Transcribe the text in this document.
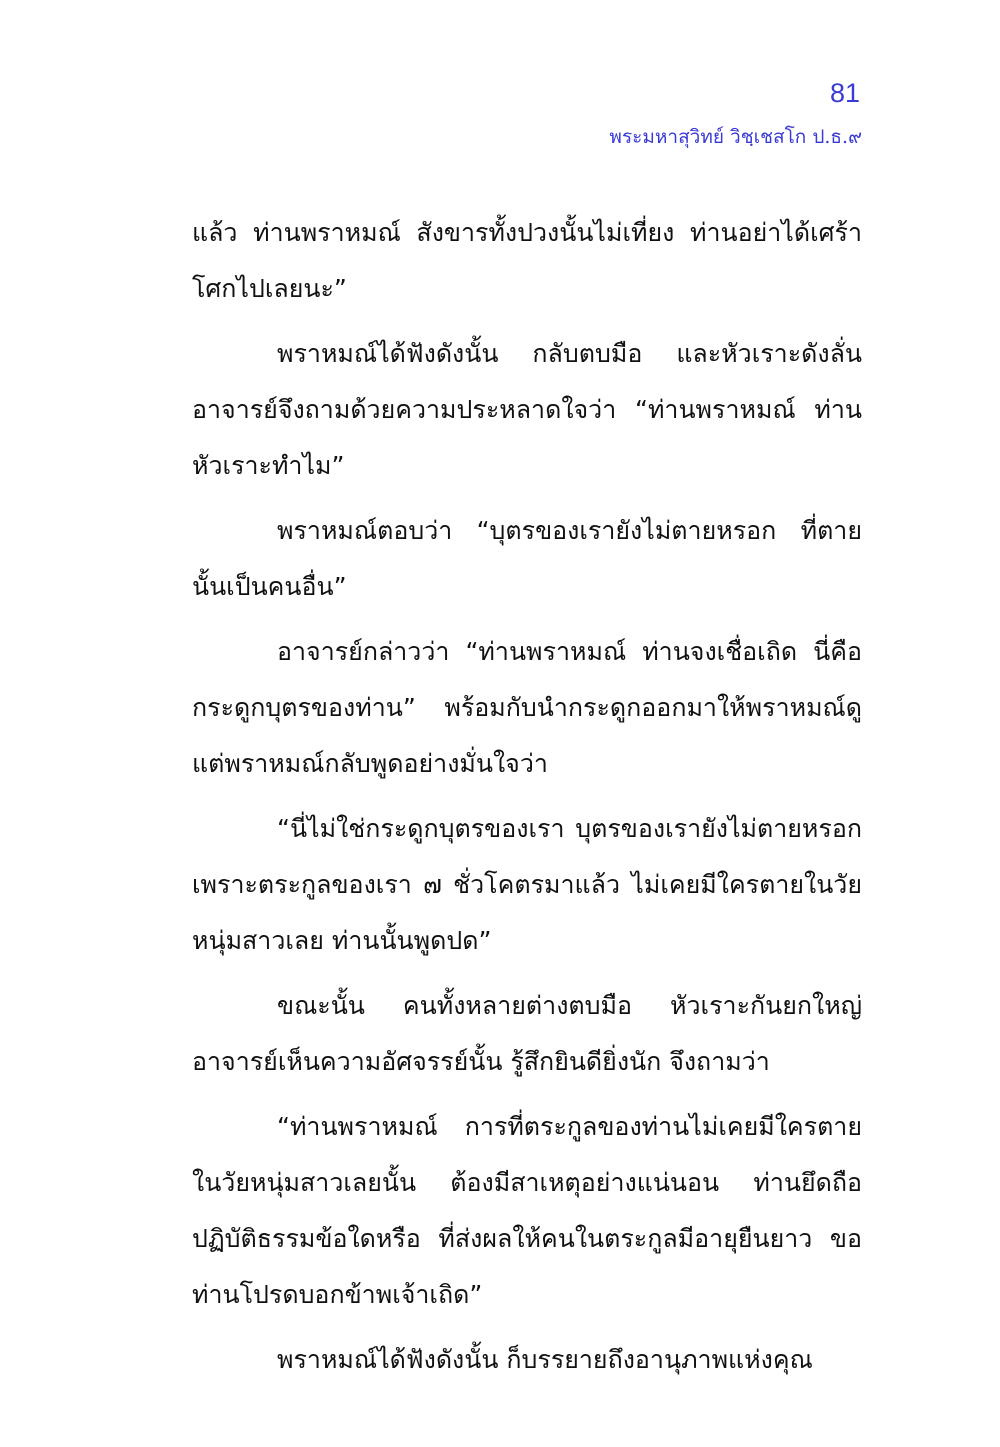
81
พระมหาสุวิทย์ วิชฺเชสโก ป.ธ.๙

แล้ว ท่านพราหมณ์ สังขารทั้งปวงนั้นไม่เที่ยง ท่านอย่าได้เศร้าโศกไปเลยนะ”

พราหมณ์ได้ฟังดังนั้น กลับตบมือ และหัวเราะดังลั่น อาจารย์จึงถามด้วยความประหลาดใจว่า “ท่านพราหมณ์ ท่านหัวเราะทำไม”

พราหมณ์ตอบว่า “บุตรของเรายังไม่ตายหรอก ที่ตายนั้นเป็นคนอื่น”

อาจารย์กล่าวว่า “ท่านพราหมณ์ ท่านจงเชื่อเถิด นี่คือกระดูกบุตรของท่าน” พร้อมกับนำกระดูกออกมาให้พราหมณ์ดู แต่พราหมณ์กลับพูดอย่างมั่นใจว่า

“นี่ไม่ใช่กระดูกบุตรของเรา บุตรของเรายังไม่ตายหรอก เพราะตระกูลของเรา ๗ ชั่วโคตรมาแล้ว ไม่เคยมีใครตายในวัยหนุ่มสาวเลย ท่านนั้นพูดปด”

ขณะนั้น คนทั้งหลายต่างตบมือ หัวเราะกันยกใหญ่ อาจารย์เห็นความอัศจรรย์นั้น รู้สึกยินดียิ่งนัก จึงถามว่า

“ท่านพราหมณ์ การที่ตระกูลของท่านไม่เคยมีใครตายในวัยหนุ่มสาวเลยนั้น ต้องมีสาเหตุอย่างแน่นอน ท่านยึดถือปฏิบัติธรรมข้อใดหรือ ที่ส่งผลให้คนในตระกูลมีอายุยืนยาว ขอท่านโปรดบอกข้าพเจ้าเถิด”

พราหมณ์ได้ฟังดังนั้น ก็บรรยายถึงอานุภาพแห่งคุณ
